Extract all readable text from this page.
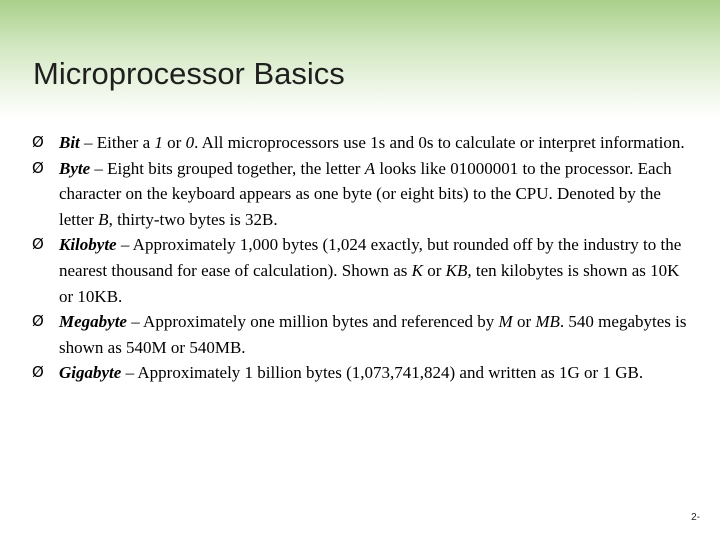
Microprocessor Basics
Ø Bit – Either a 1 or 0. All microprocessors use 1s and 0s to calculate or interpret information.
Ø Byte – Eight bits grouped together, the letter A looks like 01000001 to the processor. Each character on the keyboard appears as one byte (or eight bits) to the CPU. Denoted by the letter B, thirty-two bytes is 32B.
Ø Kilobyte – Approximately 1,000 bytes (1,024 exactly, but rounded off by the industry to the nearest thousand for ease of calculation). Shown as K or KB, ten kilobytes is shown as 10K or 10KB.
Ø Megabyte – Approximately one million bytes and referenced by M or MB. 540 megabytes is shown as 540M or 540MB.
Ø Gigabyte – Approximately 1 billion bytes (1,073,741,824) and written as 1G or 1 GB.
2-
